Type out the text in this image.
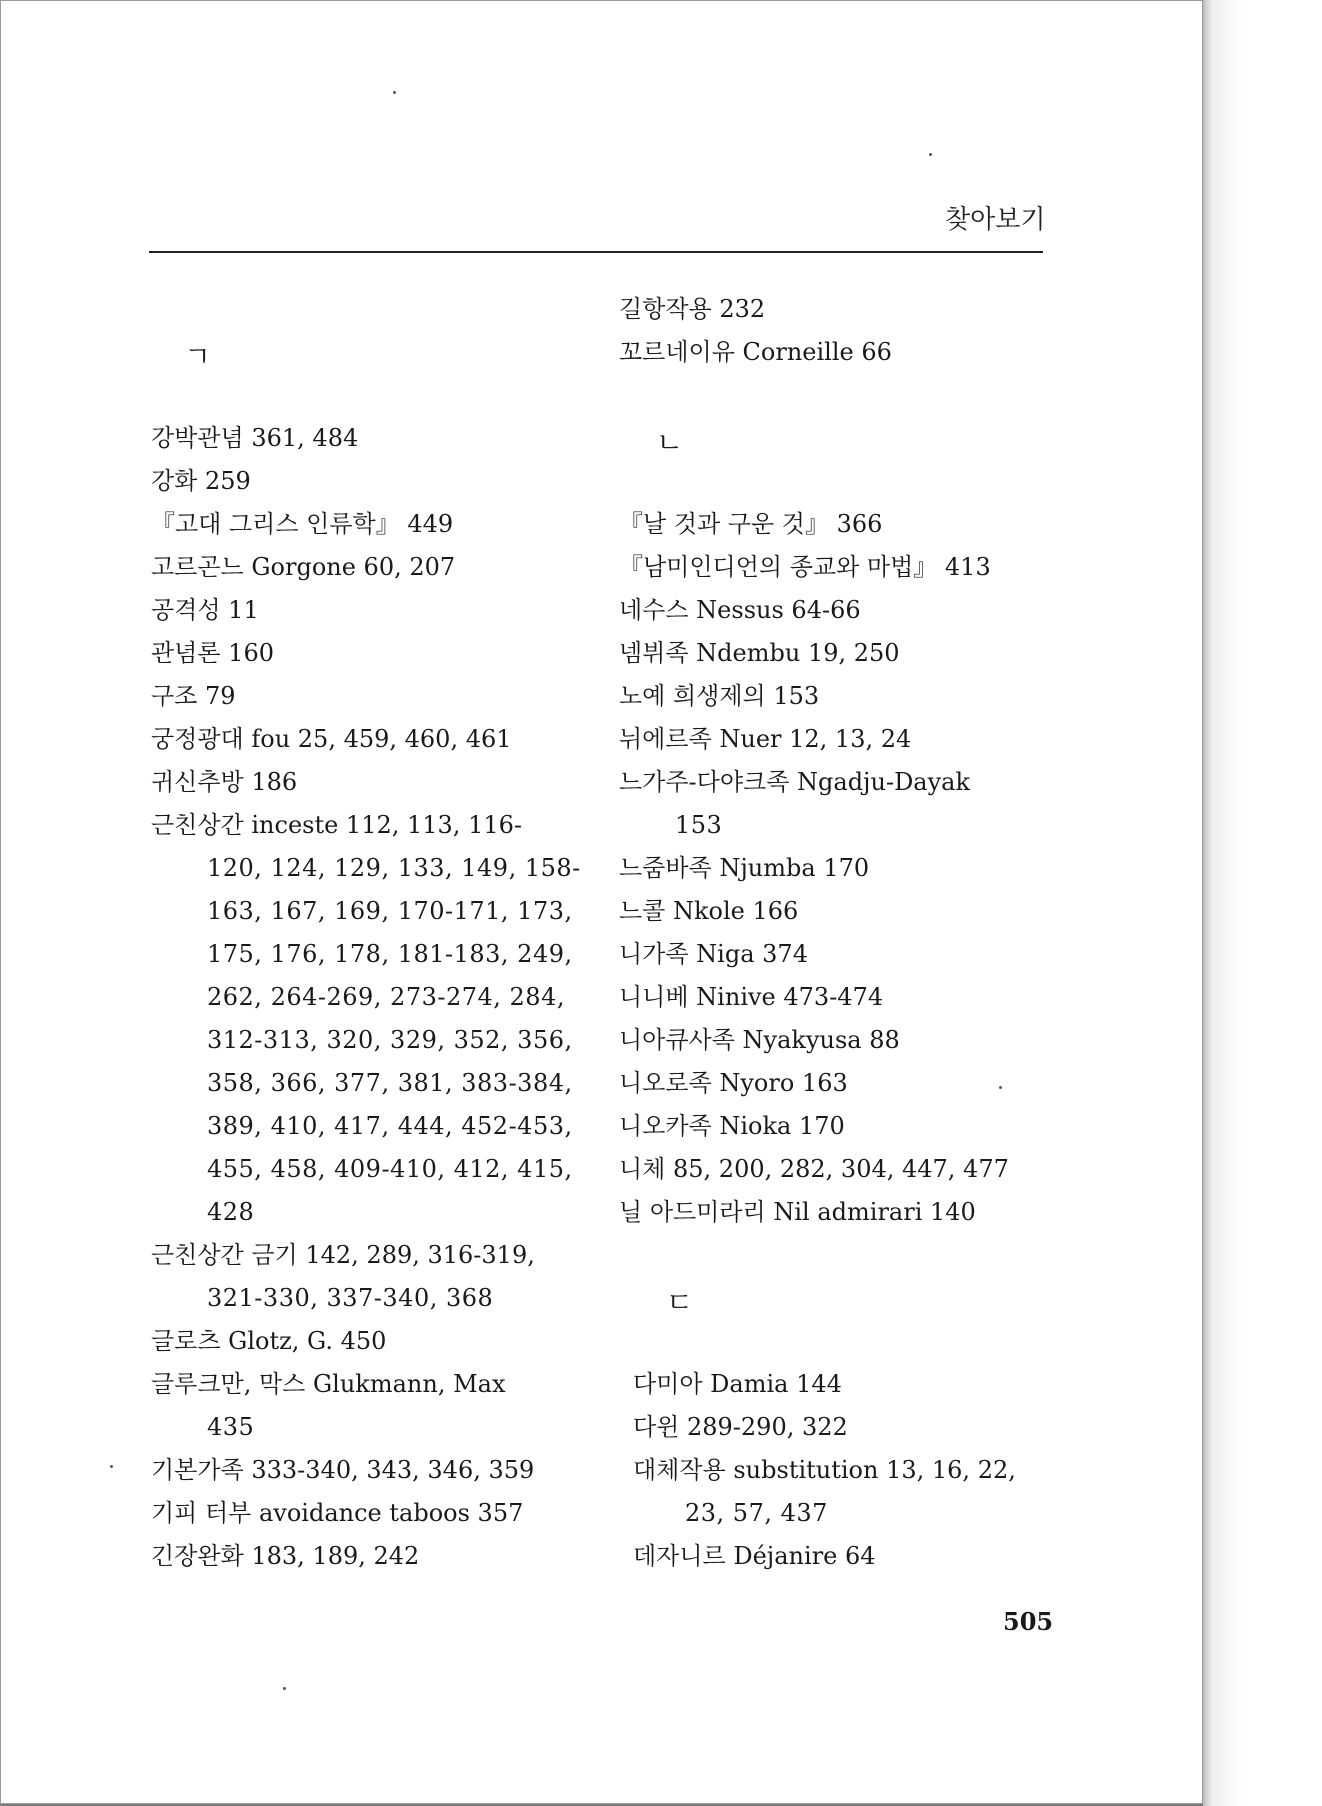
찾아보기
ㄱ
강박관념 361, 484
강화 259
『고대 그리스 인류학』 449
고르곤느 Gorgone 60, 207
공격성 11
관념론 160
구조 79
궁정광대 fou 25, 459, 460, 461
귀신추방 186
근친상간 inceste 112, 113, 116-
120, 124, 129, 133, 149, 158-
163, 167, 169, 170-171, 173,
175, 176, 178, 181-183, 249,
262, 264-269, 273-274, 284,
312-313, 320, 329, 352, 356,
358, 366, 377, 381, 383-384,
389, 410, 417, 444, 452-453,
455, 458, 409-410, 412, 415,
428
근친상간 금기 142, 289, 316-319,
321-330, 337-340, 368
글로츠 Glotz, G. 450
글루크만, 막스 Glukmann, Max
435
기본가족 333-340, 343, 346, 359
기피 터부 avoidance taboos 357
긴장완화 183, 189, 242
길항작용 232
꼬르네이유 Corneille 66
ㄴ
『날 것과 구운 것』 366
『남미인디언의 종교와 마법』 413
네수스 Nessus 64-66
넴뷔족 Ndembu 19, 250
노예 희생제의 153
뉘에르족 Nuer 12, 13, 24
느가주-다야크족 Ngadju-Dayak
153
느줌바족 Njumba 170
느콜 Nkole 166
니가족 Niga 374
니니베 Ninive 473-474
니아큐사족 Nyakyusa 88
니오로족 Nyoro 163
니오카족 Nioka 170
니체 85, 200, 282, 304, 447, 477
닐 아드미라리 Nil admirari 140
ㄷ
다미아 Damia 144
다윈 289-290, 322
대체작용 substitution 13, 16, 22,
23, 57, 437
데자니르 Déjanire 64
505
